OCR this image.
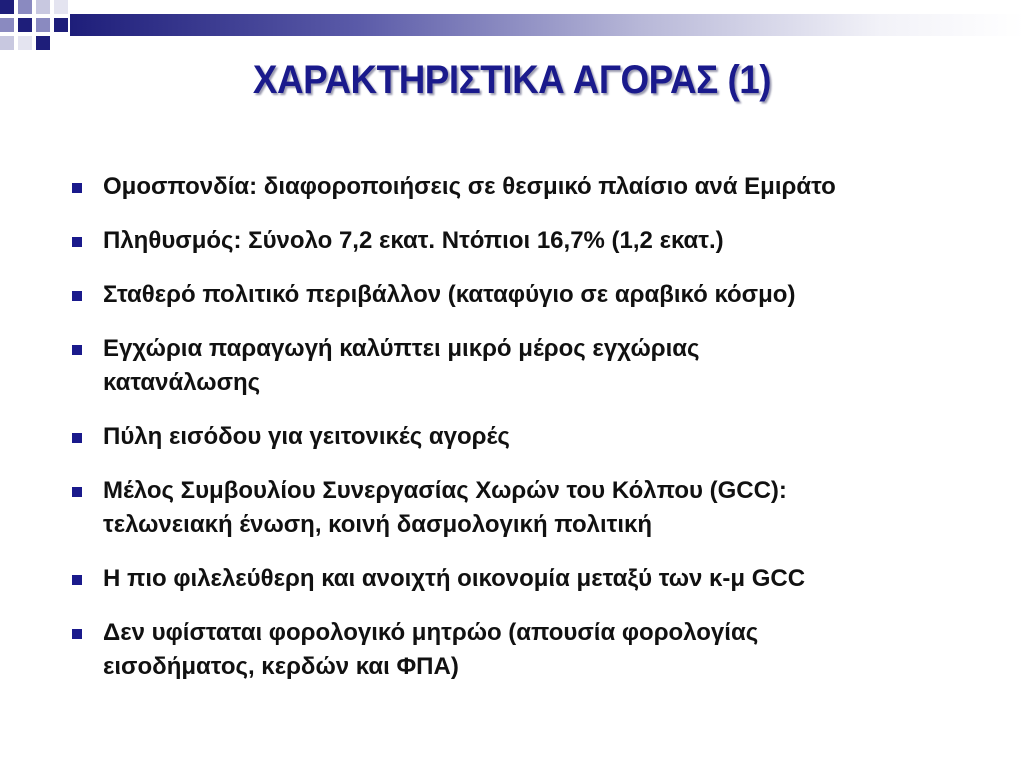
ΧΑΡΑΚΤΗΡΙΣΤΙΚΑ ΑΓΟΡΑΣ (1)
Ομοσπονδία: διαφοροποιήσεις σε θεσμικό πλαίσιο ανά Εμιράτο
Πληθυσμός: Σύνολο 7,2 εκατ. Ντόπιοι 16,7% (1,2 εκατ.)
Σταθερό πολιτικό περιβάλλον (καταφύγιο σε αραβικό κόσμο)
Εγχώρια παραγωγή καλύπτει μικρό μέρος εγχώριας
κατανάλωσης
Πύλη εισόδου για γειτονικές αγορές
Μέλος Συμβουλίου Συνεργασίας Χωρών του Κόλπου (GCC):
τελωνειακή ένωση, κοινή δασμολογική πολιτική
Η πιο φιλελεύθερη και ανοιχτή οικονομία μεταξύ των κ-μ GCC
Δεν υφίσταται φορολογικό μητρώο (απουσία φορολογίας
εισοδήματος, κερδών και ΦΠΑ)
